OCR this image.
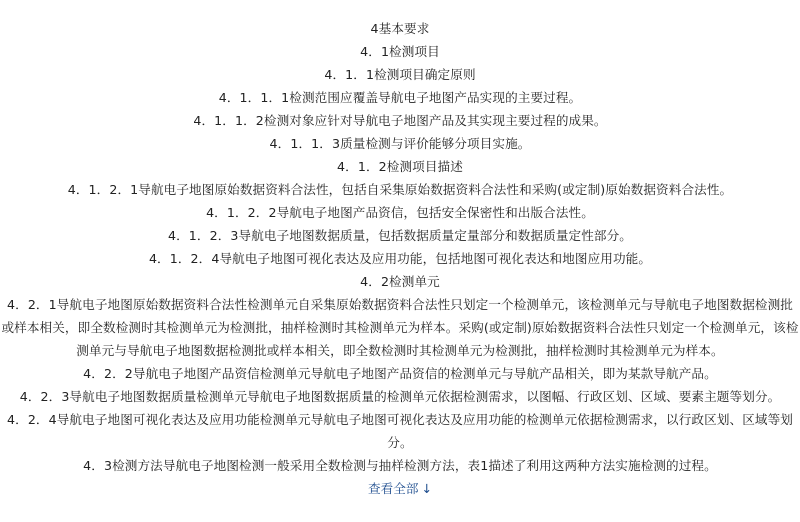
4基本要求

4．1检测项目

4．1．1检测项目确定原则

4．1．1．1检测范围应覆盖导航电子地图产品实现的主要过程。

4．1．1．2检测对象应针对导航电子地图产品及其实现主要过程的成果。

4．1．1．3质量检测与评价能够分项目实施。

4．1．2检测项目描述

4．1．2．1导航电子地图原始数据资料合法性，包括自采集原始数据资料合法性和采购(或定制)原始数据资料合法性。

4．1．2．2导航电子地图产品资信，包括安全保密性和出版合法性。

4．1．2．3导航电子地图数据质量，包括数据质量定量部分和数据质量定性部分。

4．1．2．4导航电子地图可视化表达及应用功能，包括地图可视化表达和地图应用功能。

4．2检测单元

4．2．1导航电子地图原始数据资料合法性检测单元自采集原始数据资料合法性只划定一个检测单元，该检测单元与导航电子地图数据检测批或样本相关，即全数检测时其检测单元为检测批，抽样检测时其检测单元为样本。采购(或定制)原始数据资料合法性只划定一个检测单元，该检测单元与导航电子地图数据检测批或样本相关，即全数检测时其检测单元为检测批，抽样检测时其检测单元为样本。

4．2．2导航电子地图产品资信检测单元导航电子地图产品资信的检测单元与导航产品相关，即为某款导航产品。

4．2．3导航电子地图数据质量检测单元导航电子地图数据质量的检测单元依据检测需求，以图幅、行政区划、区域、要素主题等划分。

4．2．4导航电子地图可视化表达及应用功能检测单元导航电子地图可视化表达及应用功能的检测单元依据检测需求，以行政区划、区域等划分。

4．3检测方法导航电子地图检测一般采用全数检测与抽样检测方法，表1描述了利用这两种方法实施检测的过程。

查看全部 ↓
